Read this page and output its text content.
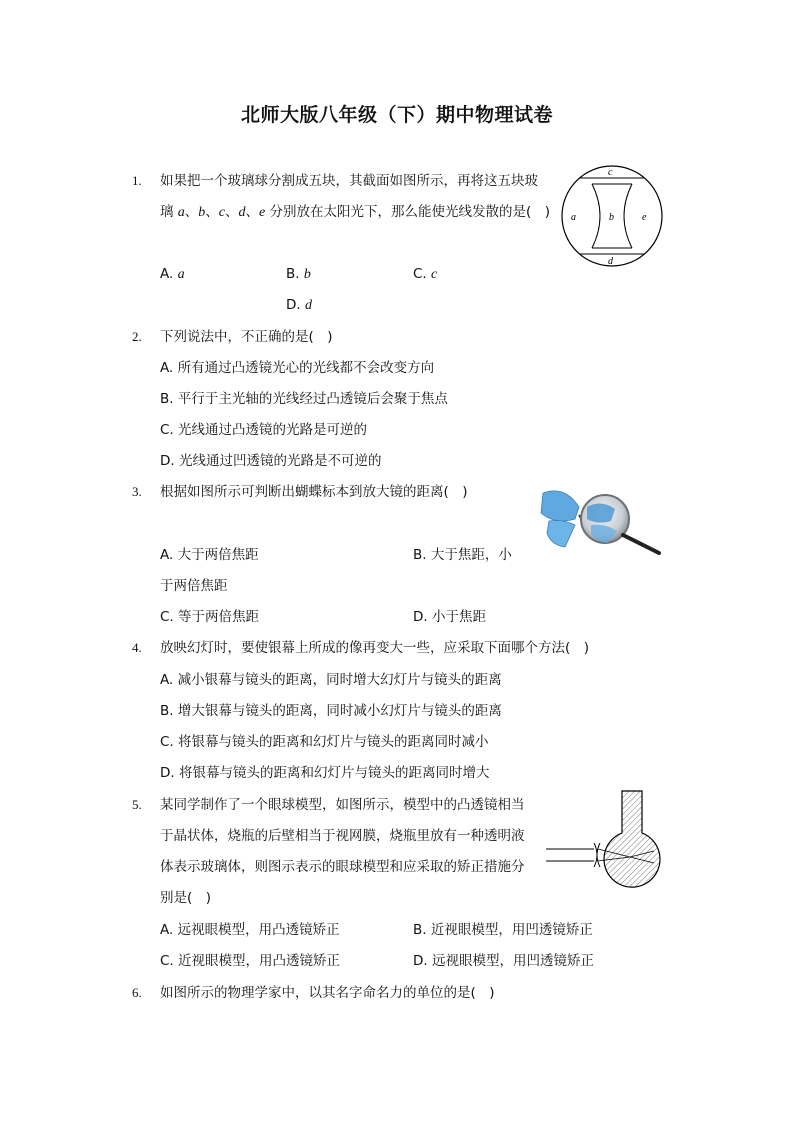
北师大版八年级（下）期中物理试卷
1. 如果把一个玻璃球分割成五块，其截面如图所示，再将这五块玻
璃 a、b、c、d、e 分别放在太阳光下，那么能使光线发散的是(　)
A. a	B. b	C. c
D. d
c
a	b	e
d
2. 下列说法中，不正确的是(　)
A. 所有通过凸透镜光心的光线都不会改变方向
B. 平行于主光轴的光线经过凸透镜后会聚于焦点
C. 光线通过凸透镜的光路是可逆的
D. 光线通过凹透镜的光路是不可逆的
3. 根据如图所示可判断出蝴蝶标本到放大镜的距离(　)
A. 大于两倍焦距	B. 大于焦距，小
于两倍焦距
C. 等于两倍焦距	D. 小于焦距
4. 放映幻灯时，要使银幕上所成的像再变大一些，应采取下面哪个方法(　)
A. 减小银幕与镜头的距离，同时增大幻灯片与镜头的距离
B. 增大银幕与镜头的距离，同时减小幻灯片与镜头的距离
C. 将银幕与镜头的距离和幻灯片与镜头的距离同时减小
D. 将银幕与镜头的距离和幻灯片与镜头的距离同时增大
5. 某同学制作了一个眼球模型，如图所示，模型中的凸透镜相当
于晶状体，烧瓶的后壁相当于视网膜，烧瓶里放有一种透明液
体表示玻璃体，则图示表示的眼球模型和应采取的矫正措施分
别是(　)
A. 远视眼模型，用凸透镜矫正	B. 近视眼模型，用凹透镜矫正
C. 近视眼模型，用凸透镜矫正	D. 远视眼模型，用凹透镜矫正
6. 如图所示的物理学家中，以其名字命名力的单位的是(　)
